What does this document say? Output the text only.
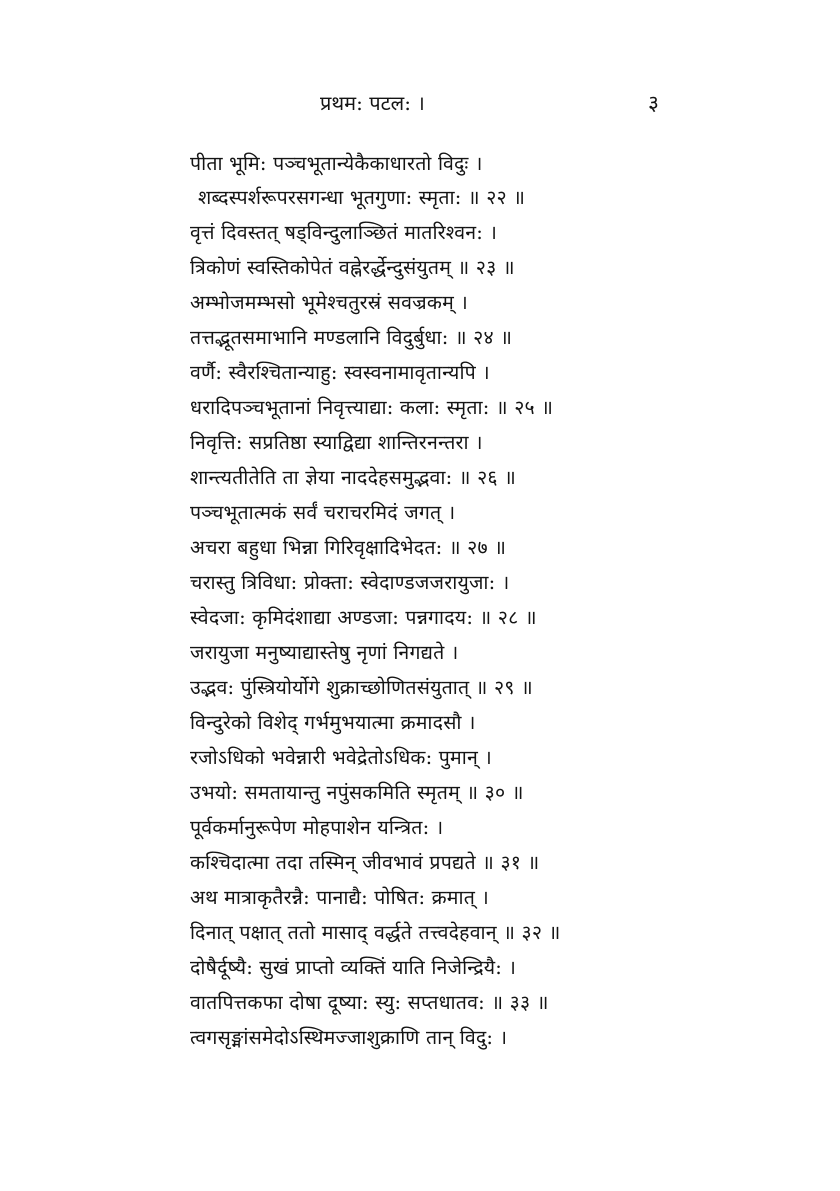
प्रथम: पटल: ।	३
पीता भूमि: पञ्चभूतान्येकैकाधारतो विदुः ।
शब्दस्पर्शरूपरसगन्धा भूतगुणा: स्मृता: ॥ २२ ॥
वृत्तं दिवस्तत् षड्विन्दुलाञ्छितं मातरिश्वन: ।
त्रिकोणं स्वस्तिकोपेतं वह्नेरर्द्धेन्दुसंयुतम् ॥ २३ ॥
अम्भोजमम्भसो भूमेश्चतुरस्रं सवज्रकम् ।
तत्तद्भूतसमाभानि मण्डलानि विदुर्बुधा: ॥ २४ ॥
वर्णै: स्वैरश्चितान्याहु: स्वस्वनामावृतान्यपि ।
धरादिपञ्चभूतानां निवृत्त्याद्या: कला: स्मृता: ॥ २५ ॥
निवृत्ति: सप्रतिष्ठा स्याद्विद्या शान्तिरनन्तरा ।
शान्त्यतीतेति ता ज्ञेया नाददेहसमुद्भवा: ॥ २६ ॥
पञ्चभूतात्मकं सर्वं चराचरमिदं जगत् ।
अचरा बहुधा भिन्ना गिरिवृक्षादिभेदत: ॥ २७ ॥
चरास्तु त्रिविधा: प्रोक्ता: स्वेदाण्डजजरायुजा: ।
स्वेदजा: कृमिदंशाद्या अण्डजा: पन्नगादय: ॥ २८ ॥
जरायुजा मनुष्याद्यास्तेषु नृणां निगद्यते ।
उद्भव: पुंस्त्रियोर्योगे शुक्राच्छोणितसंयुतात् ॥ २९ ॥
विन्दुरेको विशेद् गर्भमुभयात्मा क्रमादसौ ।
रजोऽधिको भवेन्नारी भवेद्रेतोऽधिक: पुमान् ।
उभयो: समतायान्तु नपुंसकमिति स्मृतम् ॥ ३० ॥
पूर्वकर्मानुरूपेण मोहपाशेन यन्त्रित: ।
कश्चिदात्मा तदा तस्मिन् जीवभावं प्रपद्यते ॥ ३१ ॥
अथ मात्राकृतैरन्नै: पानाद्यै: पोषित: क्रमात् ।
दिनात् पक्षात् ततो मासाद् वर्द्धते तत्त्वदेहवान् ॥ ३२ ॥
दोषैर्दूष्यै: सुखं प्राप्तो व्यक्तिं याति निजेन्द्रियै: ।
वातपित्तकफा दोषा दूष्या: स्यु: सप्तधातव: ॥ ३३ ॥
त्वगसृङ्मांसमेदोऽस्थिमज्जाशुक्राणि तान् विदु: ।
